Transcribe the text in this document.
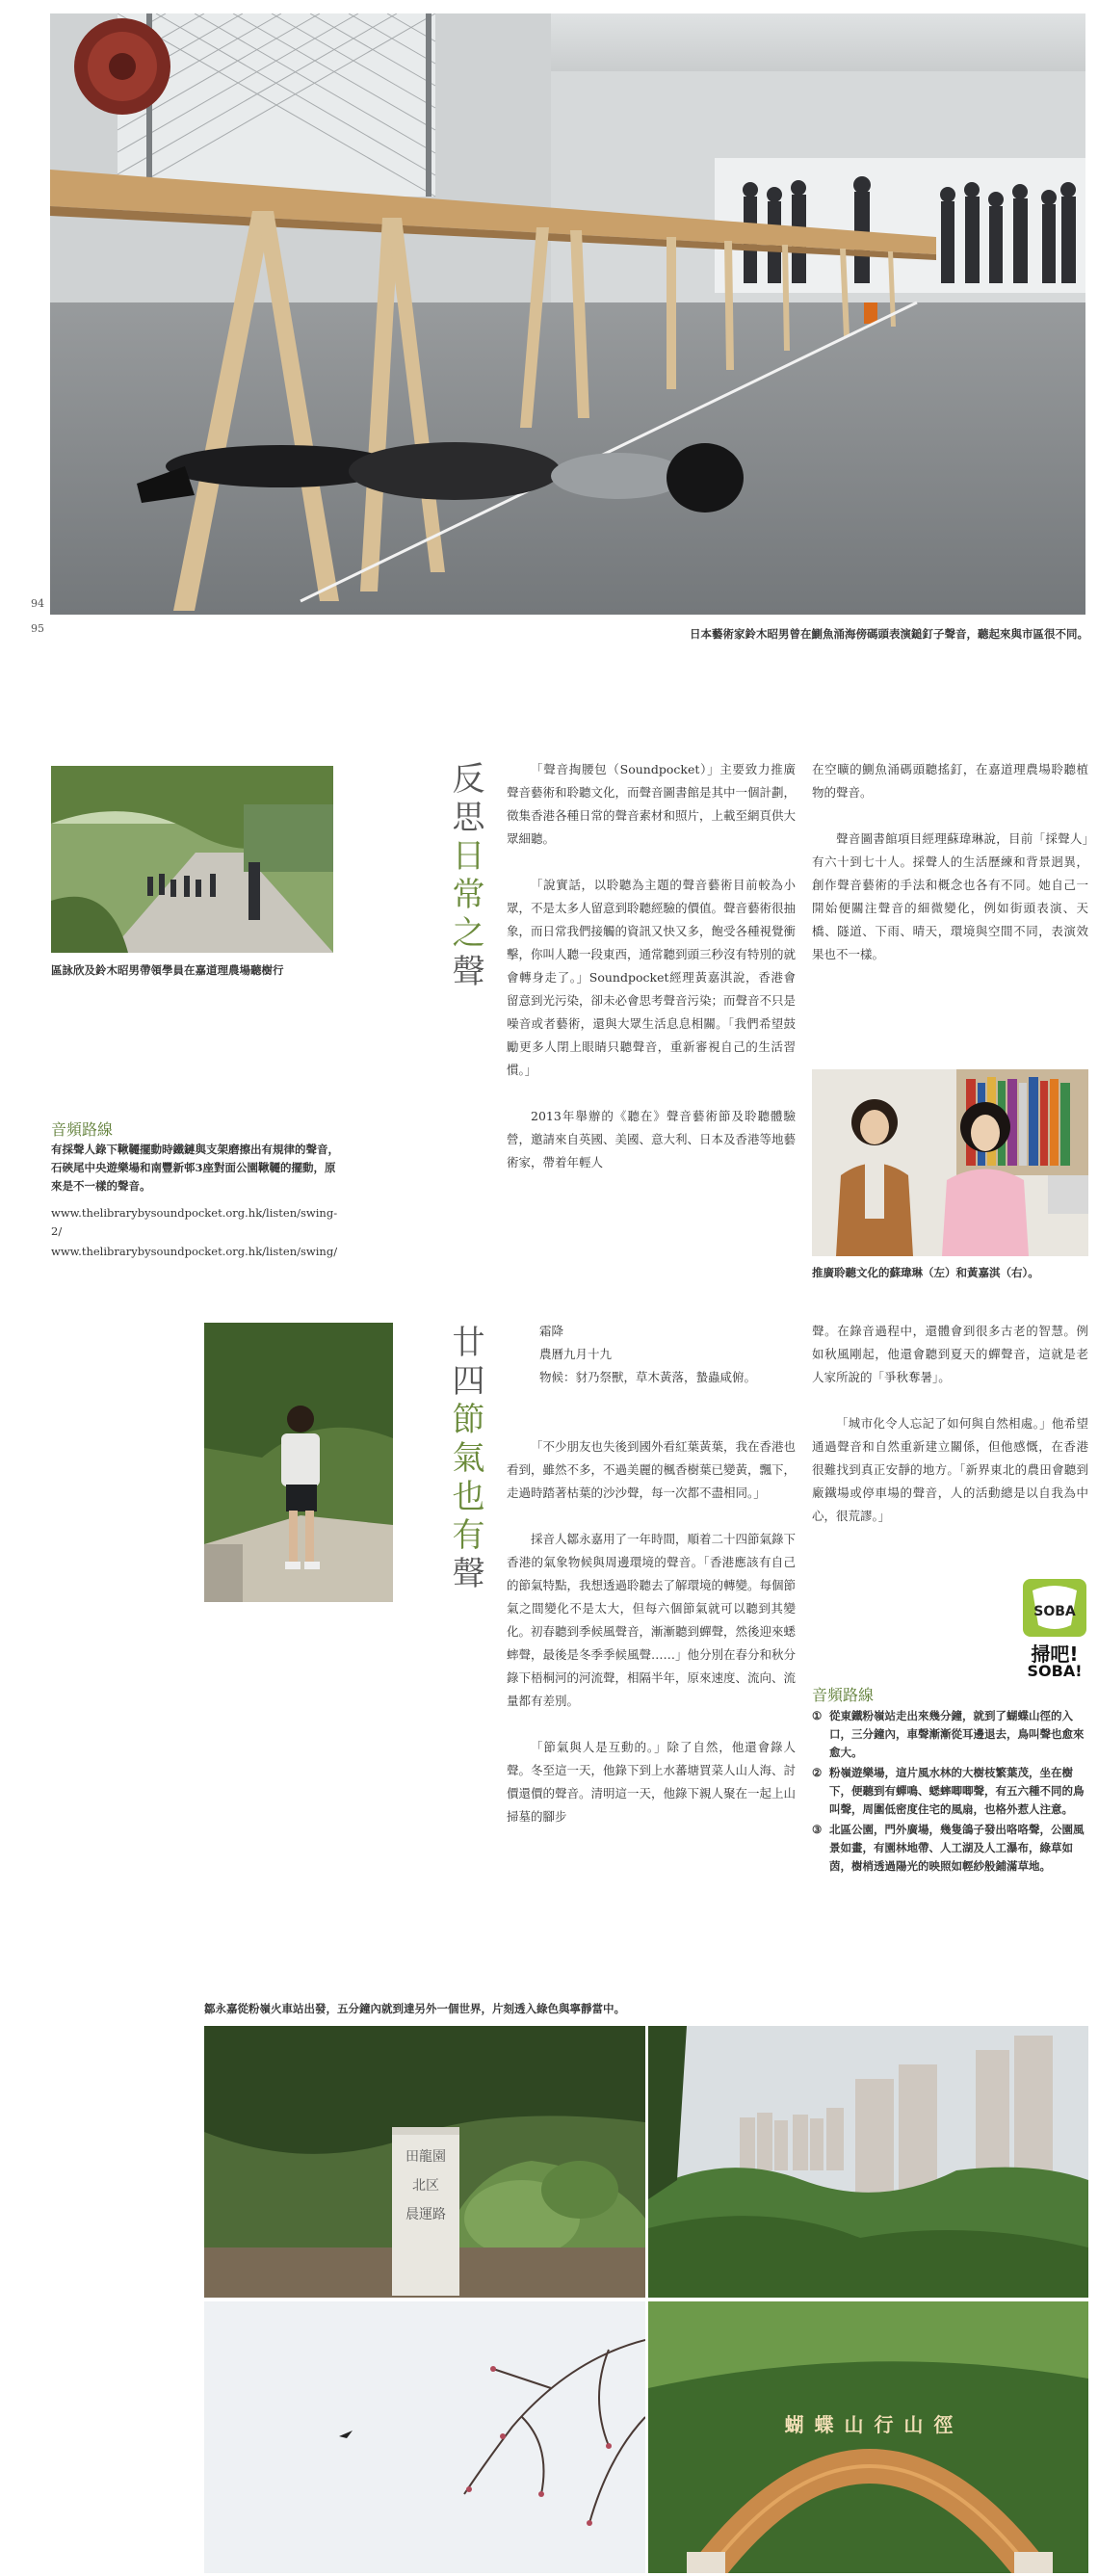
94
95	日本藝術家鈴木昭男曾在鰂魚涌海傍碼頭表演鎚釘子聲音，聽起來與市區很不同。
區詠欣及鈴木昭男帶領學員在嘉道理農場聽樹行
音頻路線
有採聲人錄下鞦韆擺動時鐵鏈與支架磨擦出有規律的聲音，石硤尾中央遊樂場和南豐新邨3座對面公園鞦韆的擺動，原來是不一樣的聲音。
www.thelibrarybysoundpocket.org.hk/listen/swing-2/
www.thelibrarybysoundpocket.org.hk/listen/swing/
反思日常之聲

「聲音掏腰包（Soundpocket）」主要致力推廣聲音藝術和聆聽文化，而聲音圖書館是其中一個計劃，徵集香港各種日常的聲音素材和照片，上載至網頁供大眾細聽。

「說實話，以聆聽為主題的聲音藝術目前較為小眾，不是太多人留意到聆聽經驗的價值。聲音藝術很抽象，而日常我們接觸的資訊又快又多，飽受各種視覺衝擊，你叫人聽一段東西，通常聽到頭三秒沒有特別的就會轉身走了。」Soundpocket經理黃嘉淇說，香港會留意到光污染，卻未必會思考聲音污染；而聲音不只是噪音或者藝術，還與大眾生活息息相關。「我們希望鼓勵更多人閉上眼睛只聽聲音，重新審視自己的生活習慣。」

2013年舉辦的《聽在》聲音藝術節及聆聽體驗營，邀請來自英國、美國、意大利、日本及香港等地藝術家，帶着年輕人

在空曠的鰂魚涌碼頭聽搖釘，在嘉道理農場聆聽植物的聲音。

聲音圖書館項目經理蘇瑋琳說，目前「採聲人」有六十到七十人。採聲人的生活歷練和背景迥異，創作聲音藝術的手法和概念也各有不同。她自己一開始便關注聲音的細微變化，例如街頭表演、天橋、隧道、下雨、晴天，環境與空間不同，表演效果也不一樣。

推廣聆聽文化的蘇瑋琳（左）和黃嘉淇（右）。
廿四節氣也有聲

霜降

農曆九月十九

物候：豺乃祭獸，草木黃落，蟄蟲咸俯。

「不少朋友也失後到國外看紅葉黃葉，我在香港也看到，雖然不多，不過美麗的楓香樹葉已變黃，飄下，走過時踏著枯葉的沙沙聲，每一次都不盡相同。」

採音人鄒永嘉用了一年時間，順着二十四節氣錄下香港的氣象物候與周邊環境的聲音。「香港應該有自己的節氣特點，我想透過聆聽去了解環境的轉變。每個節氣之間變化不是太大，但每六個節氣就可以聽到其變化。初春聽到季候風聲音，漸漸聽到蟬聲，然後迎來蟋蟀聲，最後是冬季季候風聲……」他分別在春分和秋分錄下梧桐河的河流聲，相隔半年，原來速度、流向、流量都有差別。

「節氣與人是互動的。」除了自然，他還會錄人聲。冬至這一天，他錄下到上水蕃塘買菜人山人海、討價還價的聲音。清明這一天，他錄下親人聚在一起上山掃墓的腳步

聲。在錄音過程中，還體會到很多古老的智慧。例如秋風剛起，他還會聽到夏天的蟬聲音，這就是老人家所說的「爭秋奪暑」。

「城市化令人忘記了如何與自然相處。」他希望通過聲音和自然重新建立關係，但他感慨，在香港很難找到真正安靜的地方。「新界東北的農田會聽到廠鐵場或停車場的聲音，人的活動總是以自我為中心，很荒謬。」

SOBA
掃吧!
SOBA!
音頻路線
① 從東鐵粉嶺站走出來幾分鐘，就到了蝴蝶山徑的入口，三分鐘內，車聲漸漸從耳邊退去，鳥叫聲也愈來愈大。
② 粉嶺遊樂場，這片風水林的大樹枝繁葉茂，坐在樹下，便聽到有蟬鳴、蟋蟀唧唧聲，有五六種不同的鳥叫聲，周圍低密度住宅的風扇，也格外惹人注意。
③ 北區公園，門外廣場，幾隻鴿子發出咯咯聲，公園風景如畫，有園林地帶、人工湖及人工瀑布，綠草如茵，樹梢透過陽光的映照如輕紗般鋪滿草地。
鄒永嘉從粉嶺火車站出發，五分鐘內就到達另外一個世界，片刻透入綠色與寧靜當中。
田龍園
北区
晨運路
蝴 蝶 山 行 山 徑
